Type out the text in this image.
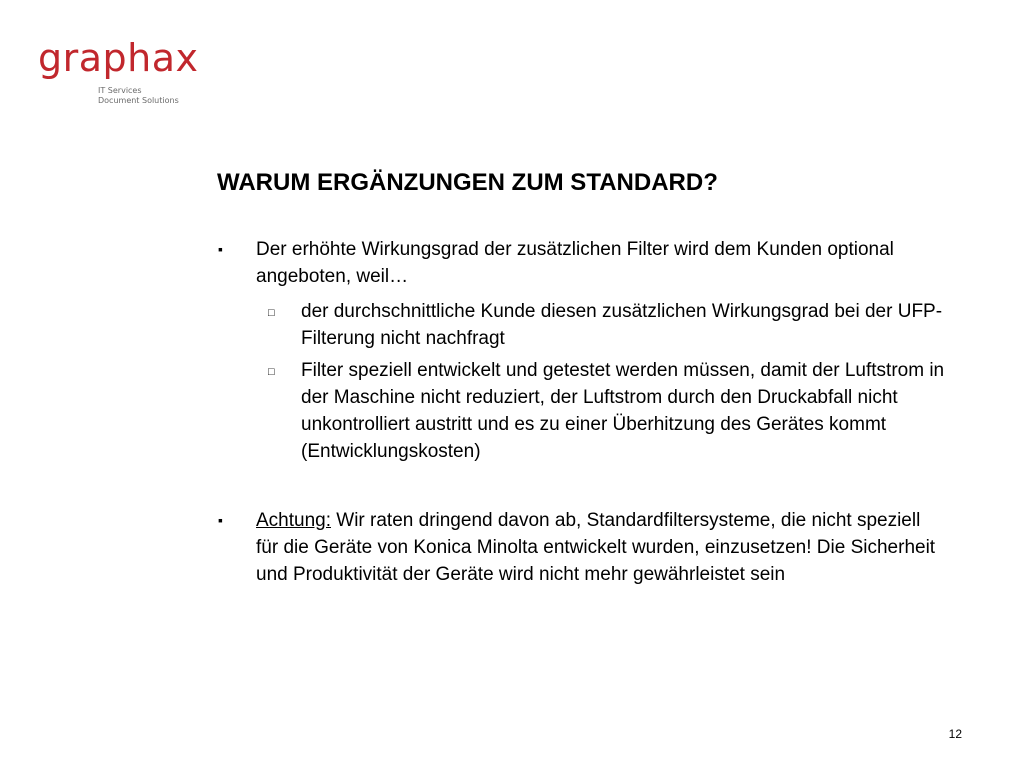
graphax
IT Services
Document Solutions
WARUM ERGÄNZUNGEN ZUM STANDARD?
▪ Der erhöhte Wirkungsgrad der zusätzlichen Filter wird dem Kunden optional angeboten, weil…
□ der durchschnittliche Kunde diesen zusätzlichen Wirkungsgrad bei der UFP-Filterung nicht nachfragt
□ Filter speziell entwickelt und getestet werden müssen, damit der Luftstrom in der Maschine nicht reduziert, der Luftstrom durch den Druckabfall nicht unkontrolliert austritt und es zu einer Überhitzung des Gerätes kommt (Entwicklungskosten)
▪ Achtung: Wir raten dringend davon ab, Standardfiltersysteme, die nicht speziell für die Geräte von Konica Minolta entwickelt wurden, einzusetzen! Die Sicherheit und Produktivität der Geräte wird nicht mehr gewährleistet sein
12
